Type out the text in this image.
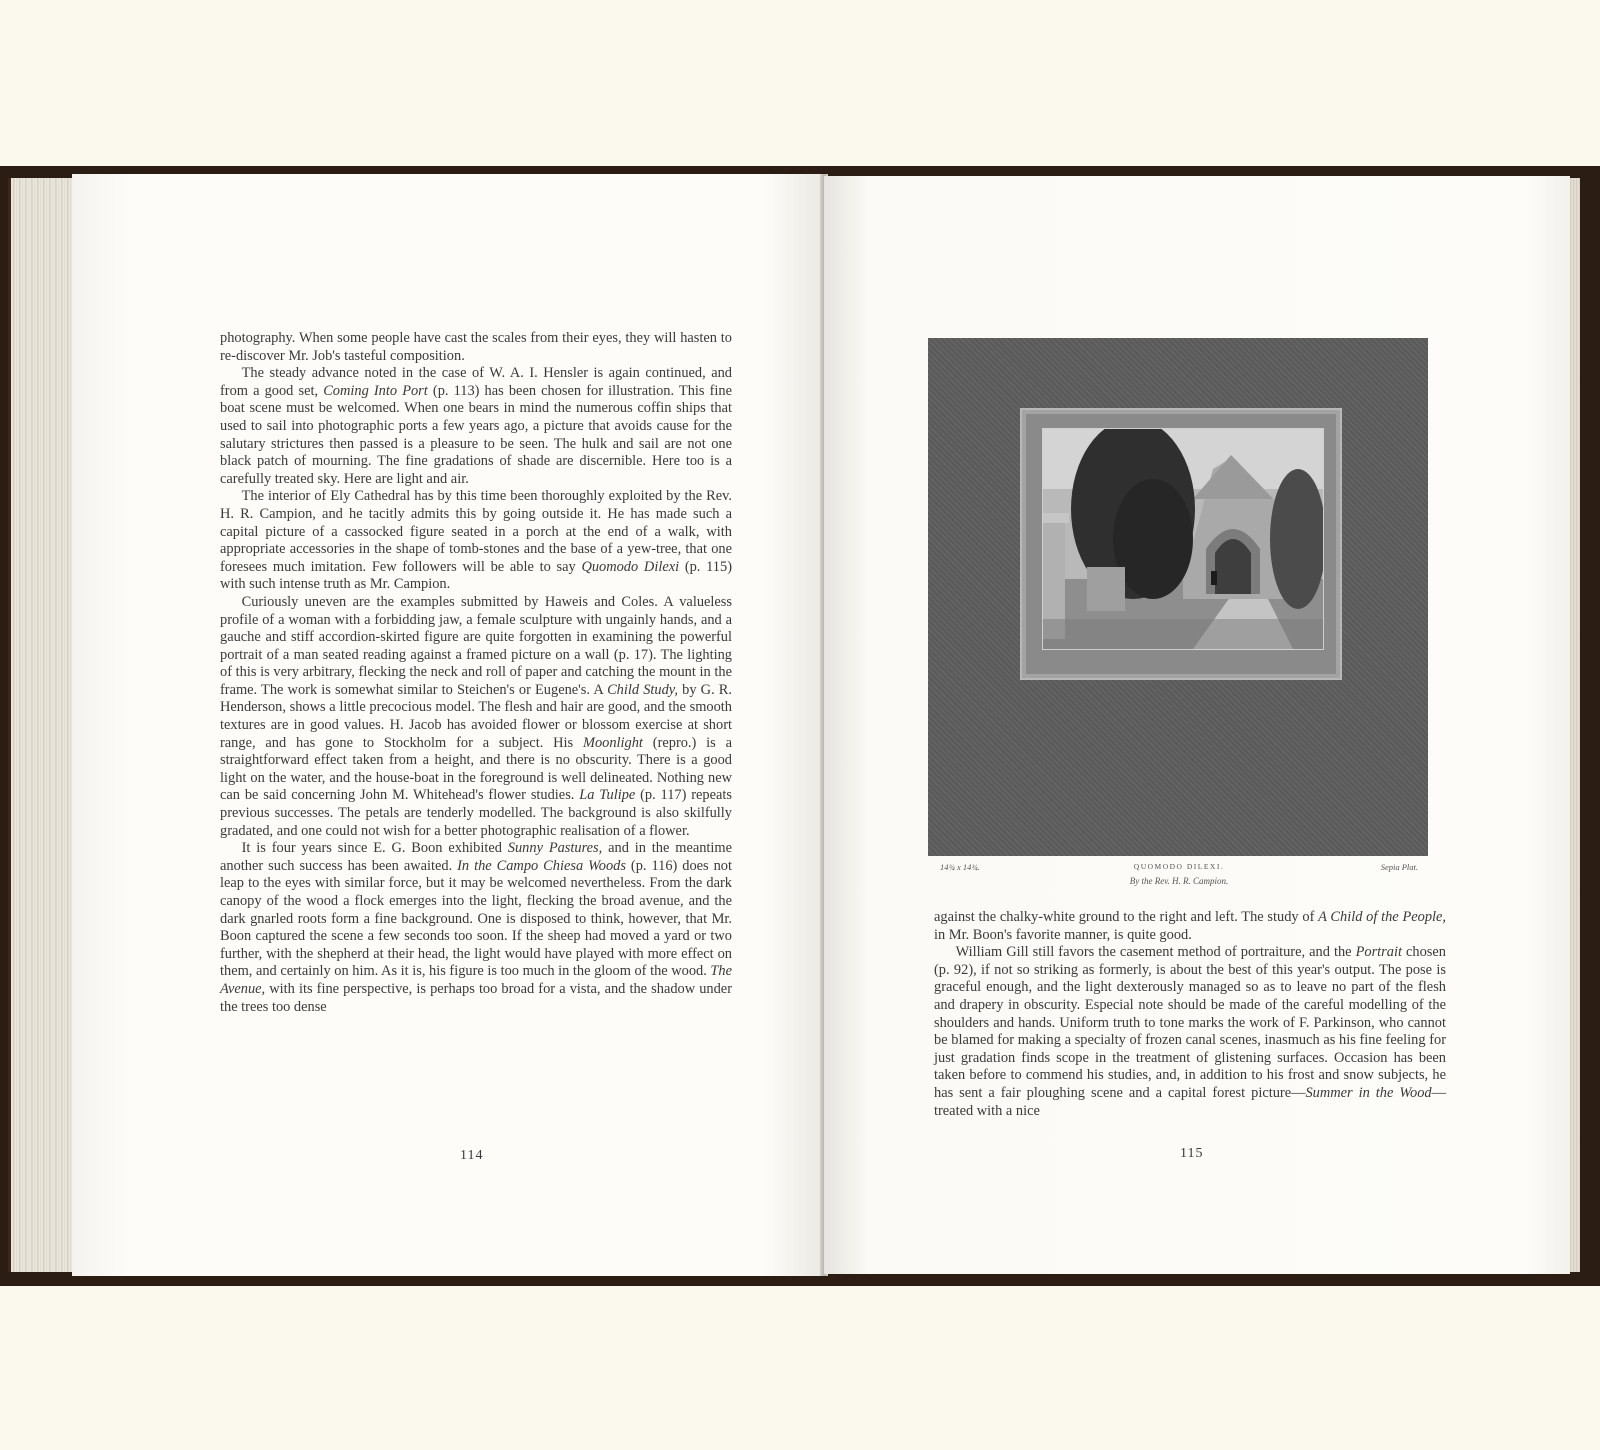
photography. When some people have cast the scales from their eyes, they will hasten to re-discover Mr. Job's tasteful composition.

The steady advance noted in the case of W. A. I. Hensler is again continued, and from a good set, Coming Into Port (p. 113) has been chosen for illustration. This fine boat scene must be welcomed. When one bears in mind the numerous coffin ships that used to sail into photographic ports a few years ago, a picture that avoids cause for the salutary strictures then passed is a pleasure to be seen. The hulk and sail are not one black patch of mourning. The fine gradations of shade are discernible. Here too is a carefully treated sky. Here are light and air.

The interior of Ely Cathedral has by this time been thoroughly exploited by the Rev. H. R. Campion, and he tacitly admits this by going outside it. He has made such a capital picture of a cassocked figure seated in a porch at the end of a walk, with appropriate accessories in the shape of tomb-stones and the base of a yew-tree, that one foresees much imitation. Few followers will be able to say Quomodo Dilexi (p. 115) with such intense truth as Mr. Campion.

Curiously uneven are the examples submitted by Haweis and Coles. A valueless profile of a woman with a forbidding jaw, a female sculpture with ungainly hands, and a gauche and stiff accordion-skirted figure are quite forgotten in examining the powerful portrait of a man seated reading against a framed picture on a wall (p. 17). The lighting of this is very arbitrary, flecking the neck and roll of paper and catching the mount in the frame. The work is somewhat similar to Steichen's or Eugene's. A Child Study, by G. R. Henderson, shows a little precocious model. The flesh and hair are good, and the smooth textures are in good values. H. Jacob has avoided flower or blossom exercise at short range, and has gone to Stockholm for a subject. His Moonlight (repro.) is a straightforward effect taken from a height, and there is no obscurity. There is a good light on the water, and the house-boat in the foreground is well delineated. Nothing new can be said concerning John M. Whitehead's flower studies. La Tulipe (p. 117) repeats previous successes. The petals are tenderly modelled. The background is also skilfully gradated, and one could not wish for a better photographic realisation of a flower.

It is four years since E. G. Boon exhibited Sunny Pastures, and in the meantime another such success has been awaited. In the Campo Chiesa Woods (p. 116) does not leap to the eyes with similar force, but it may be welcomed nevertheless. From the dark canopy of the wood a flock emerges into the light, flecking the broad avenue, and the dark gnarled roots form a fine background. One is disposed to think, however, that Mr. Boon captured the scene a few seconds too soon. If the sheep had moved a yard or two further, with the shepherd at their head, the light would have played with more effect on them, and certainly on him. As it is, his figure is too much in the gloom of the wood. The Avenue, with its fine perspective, is perhaps too broad for a vista, and the shadow under the trees too dense

114
14¾ x 14¾.	QUOMODO DILEXI.	Sepia Plat.
By the Rev. H. R. Campion.

against the chalky-white ground to the right and left. The study of A Child of the People, in Mr. Boon's favorite manner, is quite good.

William Gill still favors the casement method of portraiture, and the Portrait chosen (p. 92), if not so striking as formerly, is about the best of this year's output. The pose is graceful enough, and the light dexterously managed so as to leave no part of the flesh and drapery in obscurity. Especial note should be made of the careful modelling of the shoulders and hands. Uniform truth to tone marks the work of F. Parkinson, who cannot be blamed for making a specialty of frozen canal scenes, inasmuch as his fine feeling for just gradation finds scope in the treatment of glistening surfaces. Occasion has been taken before to commend his studies, and, in addition to his frost and snow subjects, he has sent a fair ploughing scene and a capital forest picture—Summer in the Wood—treated with a nice

115
